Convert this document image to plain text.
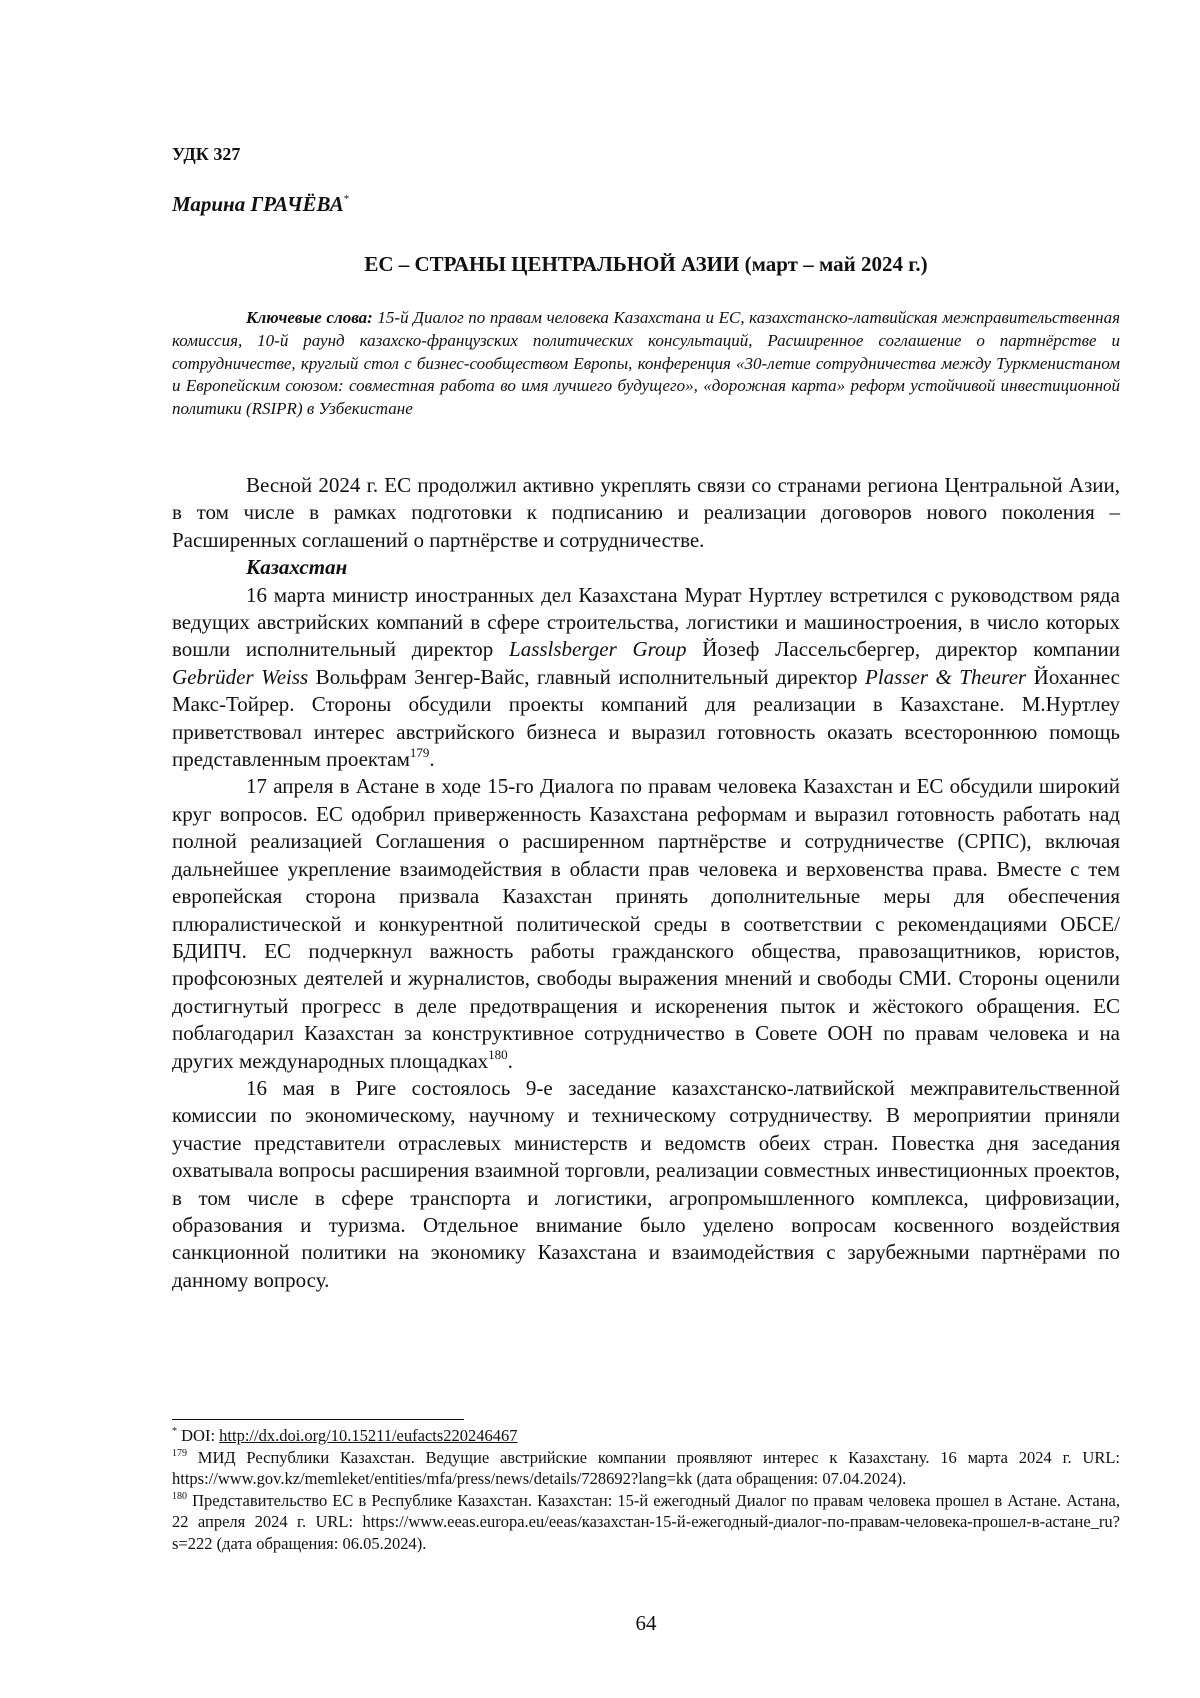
УДК 327
Марина ГРАЧЁВА*
ЕС – СТРАНЫ ЦЕНТРАЛЬНОЙ АЗИИ (март – май 2024 г.)
Ключевые слова: 15-й Диалог по правам человека Казахстана и ЕС, казахстанско-латвийская межправительственная комиссия, 10-й раунд казахско-французских политических консультаций, Расширенное соглашение о партнёрстве и сотрудничестве, круглый стол с бизнес-сообществом Европы, конференция «30-летие сотрудничества между Туркменистаном и Европейским союзом: совместная работа во имя лучшего будущего», «дорожная карта» реформ устойчивой инвестиционной политики (RSIPR) в Узбекистане

Весной 2024 г. ЕС продолжил активно укреплять связи со странами региона Центральной Азии, в том числе в рамках подготовки к подписанию и реализации договоров нового поколения – Расширенных соглашений о партнёрстве и сотрудничестве.

Казахстан

16 марта министр иностранных дел Казахстана Мурат Нуртлеу встретился с руководством ряда ведущих австрийских компаний в сфере строительства, логистики и машиностроения, в число которых вошли исполнительный директор Lasslsberger Group Йозеф Лассельсбергер, директор компании Gebrüder Weiss Вольфрам Зенгер-Вайс, главный исполнительный директор Plasser & Theurer Йоханнес Макс-Тойрер. Стороны обсудили проекты компаний для реализации в Казахстане. М.Нуртлеу приветствовал интерес австрийского бизнеса и выразил готовность оказать всестороннюю помощь представленным проектам$^{179}$.

17 апреля в Астане в ходе 15-го Диалога по правам человека Казахстан и ЕС обсудили широкий круг вопросов. ЕС одобрил приверженность Казахстана реформам и выразил готовность работать над полной реализацией Соглашения о расширенном партнёрстве и сотрудничестве (СРПС), включая дальнейшее укрепление взаимодействия в области прав человека и верховенства права. Вместе с тем европейская сторона призвала Казахстан принять дополнительные меры для обеспечения плюралистической и конкурентной политической среды в соответствии с рекомендациями ОБСЕ/БДИПЧ. ЕС подчеркнул важность работы гражданского общества, правозащитников, юристов, профсоюзных деятелей и журналистов, свободы выражения мнений и свободы СМИ. Стороны оценили достигнутый прогресс в деле предотвращения и искоренения пыток и жёстокого обращения. ЕС поблагодарил Казахстан за конструктивное сотрудничество в Совете ООН по правам человека и на других международных площадках$^{180}$.

16 мая в Риге состоялось 9-е заседание казахстанско-латвийской межправительственной комиссии по экономическому, научному и техническому сотрудничеству. В мероприятии приняли участие представители отраслевых министерств и ведомств обеих стран. Повестка дня заседания охватывала вопросы расширения взаимной торговли, реализации совместных инвестиционных проектов, в том числе в сфере транспорта и логистики, агропромышленного комплекса, цифровизации, образования и туризма. Отдельное внимание было уделено вопросам косвенного воздействия санкционной политики на экономику Казахстана и взаимодействия с зарубежными партнёрами по данному вопросу.

* DOI: http://dx.doi.org/10.15211/eufacts220246467

$^{179}$ МИД Республики Казахстан. Ведущие австрийские компании проявляют интерес к Казахстану. 16 марта 2024 г. URL: https://www.gov.kz/memleket/entities/mfa/press/news/details/728692?lang=kk (дата обращения: 07.04.2024).

$^{180}$ Представительство ЕС в Республике Казахстан. Казахстан: 15-й ежегодный Диалог по правам человека прошел в Астане. Астана, 22 апреля 2024 г. URL: https://www.eeas.europa.eu/eeas/казахстан-15-й-ежегодный-диалог-по-правам-человека-прошел-в-астане_ru?s=222 (дата обращения: 06.05.2024).

64
